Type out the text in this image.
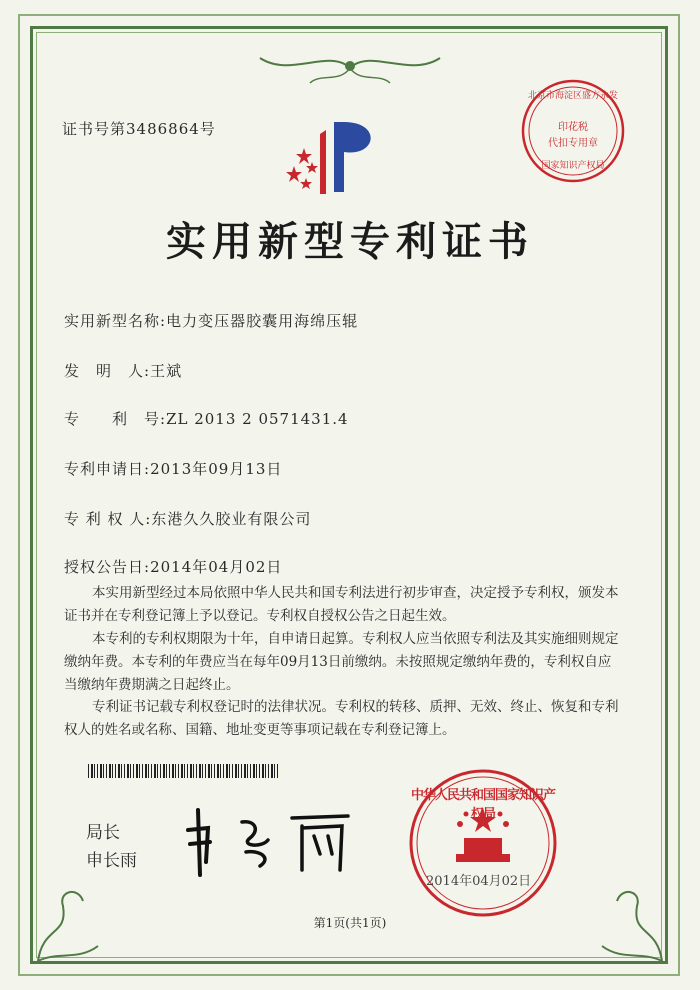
证书号第3486864号
北京市海淀区盛方永发
印花税
代扣专用章
国家知识产权局
实用新型专利证书
实用新型名称:电力变压器胶囊用海绵压辊
发　明　人:王斌
专　　利　号:ZL 2013 2 0571431.4
专利申请日:2013年09月13日
专 利 权 人:东港久久胶业有限公司
授权公告日:2014年04月02日
本实用新型经过本局依照中华人民共和国专利法进行初步审查，决定授予专利权，颁发本证书并在专利登记簿上予以登记。专利权自授权公告之日起生效。
本专利的专利权期限为十年，自申请日起算。专利权人应当依照专利法及其实施细则规定缴纳年费。本专利的年费应当在每年09月13日前缴纳。未按照规定缴纳年费的，专利权自应当缴纳年费期满之日起终止。
专利证书记载专利权登记时的法律状况。专利权的转移、质押、无效、终止、恢复和专利权人的姓名或名称、国籍、地址变更等事项记载在专利登记簿上。
局长
申长雨
中华人民共和国国家知识产权局
2014年04月02日
第1页(共1页)
